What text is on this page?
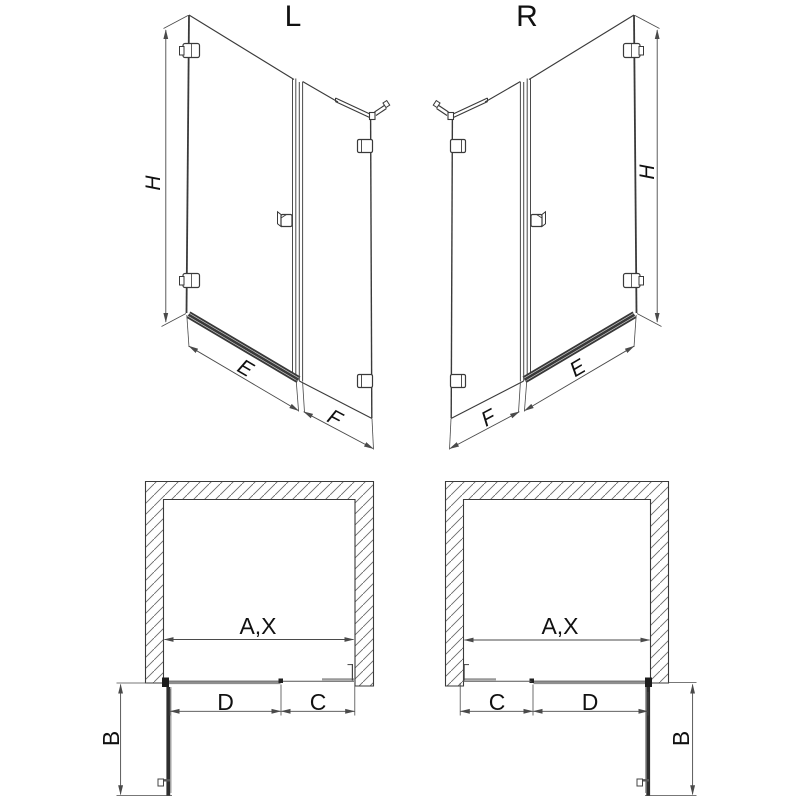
L
H
E
F
R
H
E
F
A,X
B
D	C
A,X
B
D
C
